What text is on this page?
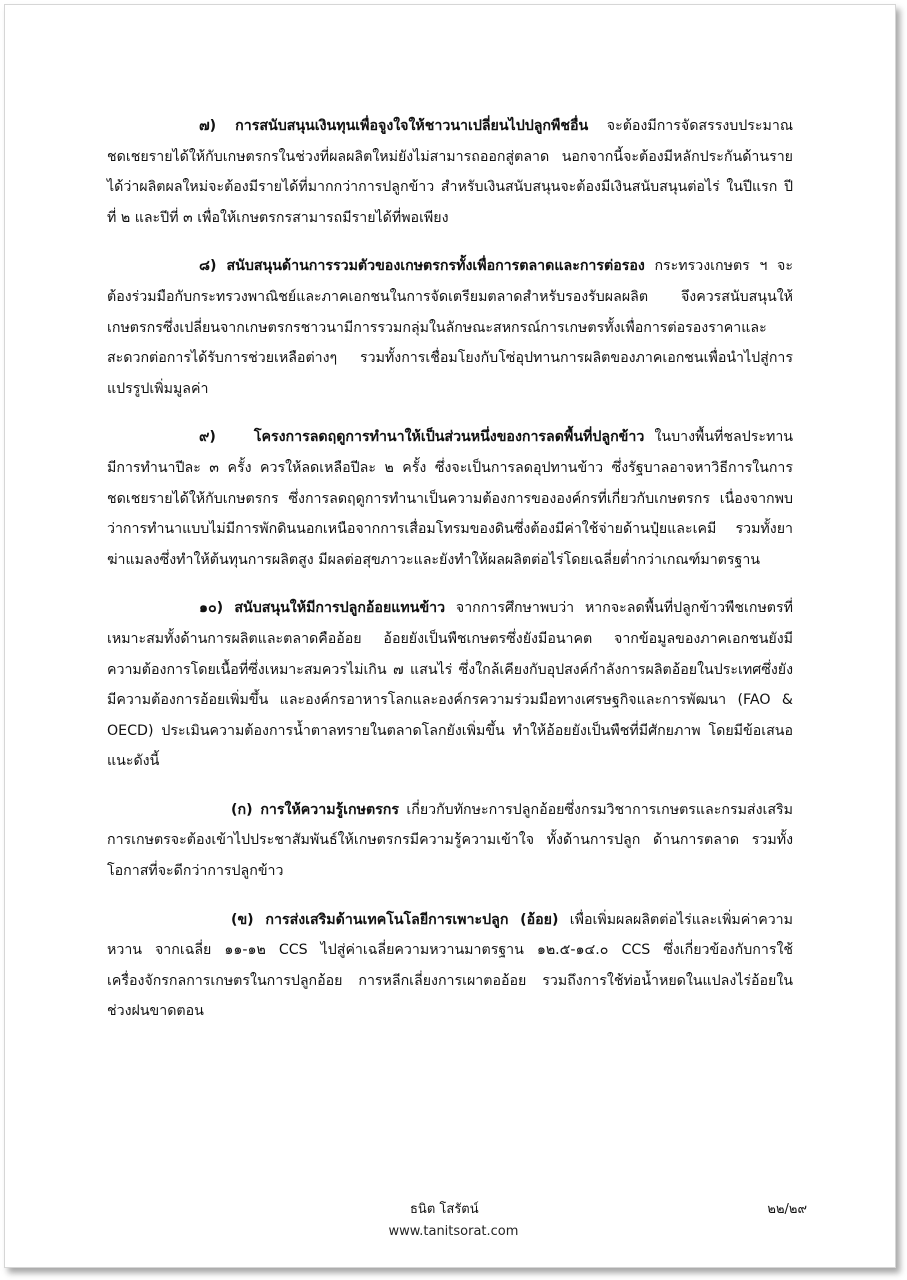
๗) การสนับสนุนเงินทุนเพื่อจูงใจให้ชาวนาเปลี่ยนไปปลูกพืชอื่น จะต้องมีการจัดสรรงบประมาณชดเชยรายได้ให้กับเกษตรกรในช่วงที่ผลผลิตใหม่ยังไม่สามารถออกสู่ตลาด นอกจากนี้จะต้องมีหลักประกันด้านรายได้ว่าผลิตผลใหม่จะต้องมีรายได้ที่มากกว่าการปลูกข้าว สำหรับเงินสนับสนุนจะต้องมีเงินสนับสนุนต่อไร่ ในปีแรก ปีที่ ๒ และปีที่ ๓ เพื่อให้เกษตรกรสามารถมีรายได้ที่พอเพียง

๘) สนับสนุนด้านการรวมตัวของเกษตรกรทั้งเพื่อการตลาดและการต่อรอง กระทรวงเกษตร ฯ จะต้องร่วมมือกับกระทรวงพาณิชย์และภาคเอกชนในการจัดเตรียมตลาดสำหรับรองรับผลผลิต จึงควรสนับสนุนให้เกษตรกรซึ่งเปลี่ยนจากเกษตรกรชาวนามีการรวมกลุ่มในลักษณะสหกรณ์การเกษตรทั้งเพื่อการต่อรองราคาและสะดวกต่อการได้รับการช่วยเหลือต่างๆ รวมทั้งการเชื่อมโยงกับโซ่อุปทานการผลิตของภาคเอกชนเพื่อนำไปสู่การแปรรูปเพิ่มมูลค่า

๙)	โครงการลดฤดูการทำนาให้เป็นส่วนหนึ่งของการลดพื้นที่ปลูกข้าว ในบางพื้นที่ชลประทานมีการทำนาปีละ ๓ ครั้ง ควรให้ลดเหลือปีละ ๒ ครั้ง ซึ่งจะเป็นการลดอุปทานข้าว ซึ่งรัฐบาลอาจหาวิธีการในการชดเชยรายได้ให้กับเกษตรกร ซึ่งการลดฤดูการทำนาเป็นความต้องการขององค์กรที่เกี่ยวกับเกษตรกร เนื่องจากพบว่าการทำนาแบบไม่มีการพักดินนอกเหนือจากการเสื่อมโทรมของดินซึ่งต้องมีค่าใช้จ่ายด้านปุ๋ยและเคมี รวมทั้งยาฆ่าแมลงซึ่งทำให้ต้นทุนการผลิตสูง มีผลต่อสุขภาวะและยังทำให้ผลผลิตต่อไร่โดยเฉลี่ยต่ำกว่าเกณฑ์มาตรฐาน

๑๐) สนับสนุนให้มีการปลูกอ้อยแทนข้าว จากการศึกษาพบว่า หากจะลดพื้นที่ปลูกข้าวพืชเกษตรที่เหมาะสมทั้งด้านการผลิตและตลาดคืออ้อย อ้อยยังเป็นพืชเกษตรซึ่งยังมีอนาคต จากข้อมูลของภาคเอกชนยังมีความต้องการโดยเนื้อที่ซึ่งเหมาะสมควรไม่เกิน ๗ แสนไร่ ซึ่งใกล้เคียงกับอุปสงค์กำลังการผลิตอ้อยในประเทศซึ่งยังมีความต้องการอ้อยเพิ่มขึ้น และองค์กรอาหารโลกและองค์กรความร่วมมือทางเศรษฐกิจและการพัฒนา (FAO & OECD) ประเมินความต้องการน้ำตาลทรายในตลาดโลกยังเพิ่มขึ้น ทำให้อ้อยยังเป็นพืชที่มีศักยภาพ โดยมีข้อเสนอแนะดังนี้

(ก) การให้ความรู้เกษตรกร เกี่ยวกับทักษะการปลูกอ้อยซึ่งกรมวิชาการเกษตรและกรมส่งเสริมการเกษตรจะต้องเข้าไปประชาสัมพันธ์ให้เกษตรกรมีความรู้ความเข้าใจ ทั้งด้านการปลูก ด้านการตลาด รวมทั้งโอกาสที่จะดีกว่าการปลูกข้าว

(ข) การส่งเสริมด้านเทคโนโลยีการเพาะปลูก (อ้อย) เพื่อเพิ่มผลผลิตต่อไร่และเพิ่มค่าความหวาน จากเฉลี่ย ๑๑-๑๒ CCS ไปสู่ค่าเฉลี่ยความหวานมาตรฐาน ๑๒.๕-๑๔.๐ CCS ซึ่งเกี่ยวข้องกับการใช้เครื่องจักรกลการเกษตรในการปลูกอ้อย การหลีกเลี่ยงการเผาตออ้อย รวมถึงการใช้ท่อน้ำหยดในแปลงไร่อ้อยในช่วงฝนขาดตอน

ธนิต โสรัตน์	๒๒/๒๙
www.tanitsorat.com
